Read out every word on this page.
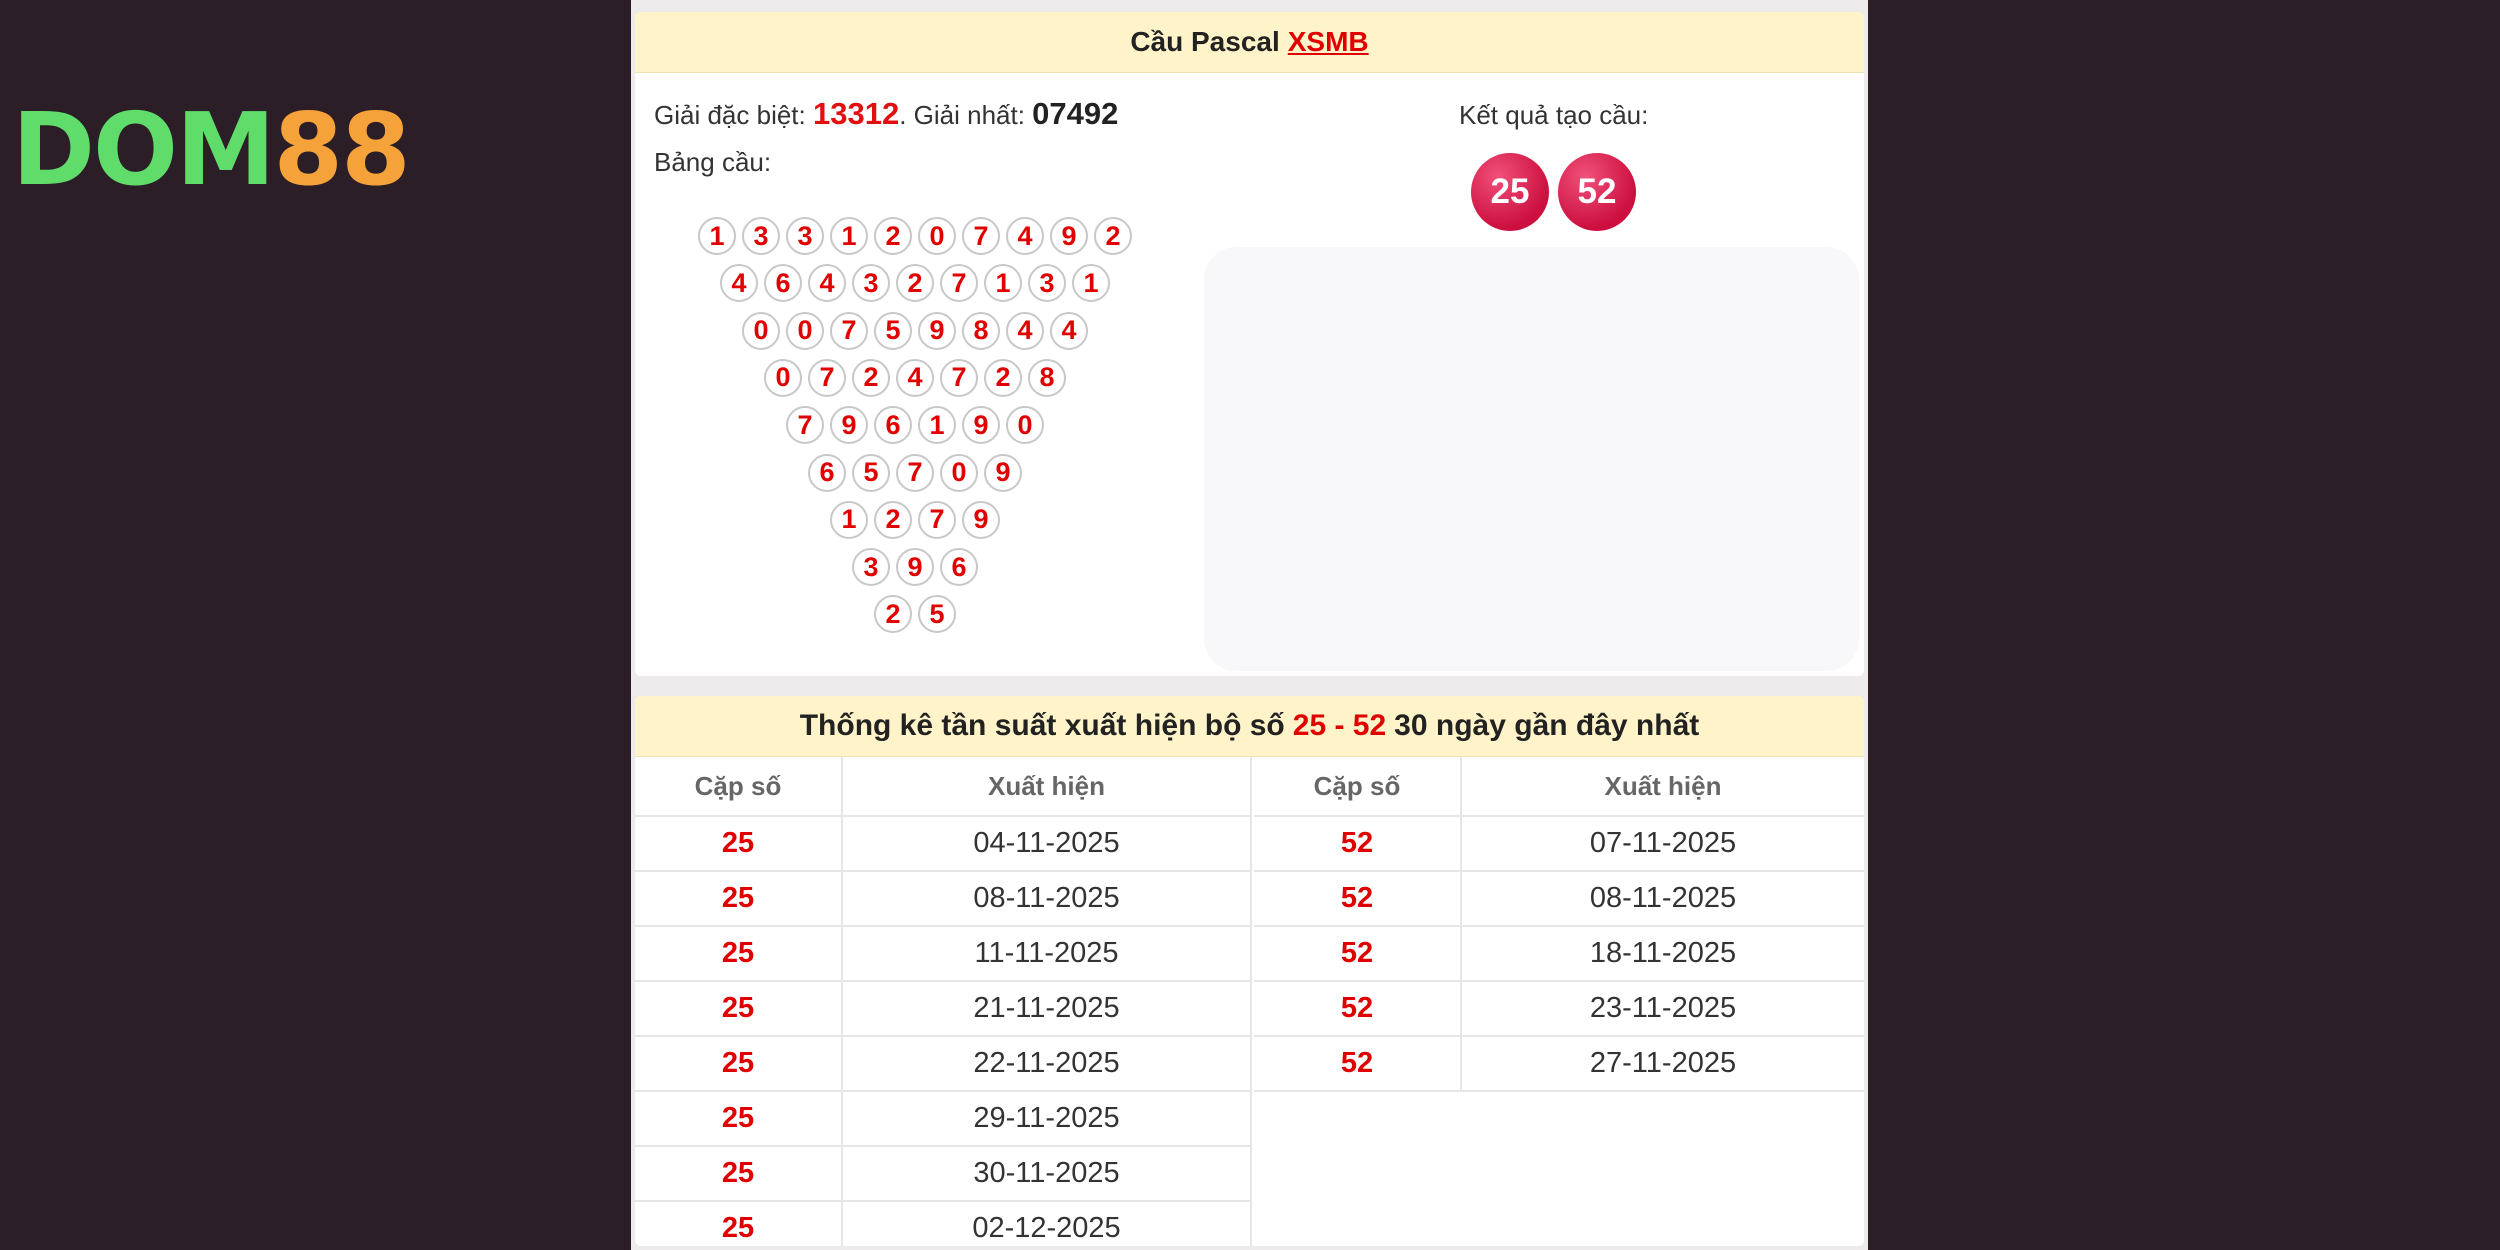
DOM88
Cầu Pascal XSMB
Giải đặc biệt: 13312. Giải nhất: 07492
Bảng cầu:
1	3	3	1	2	0	7	4	9	2
4	6	4	3	2	7	1	3	1
0	0	7	5	9	8	4	4
0	7	2	4	7	2	8
7	9	6	1	9	0
6	5	7	0	9
1	2	7	9
3	9	6
2	5
Kết quả tạo cầu:
25	52
Thống kê tần suất xuất hiện bộ số 25 - 52 30 ngày gần đây nhất
Cặp số	Xuất hiện
25	04-11-2025
25	08-11-2025
25	11-11-2025
25	21-11-2025
25	22-11-2025
25	29-11-2025
25	30-11-2025
25	02-12-2025
Cặp số	Xuất hiện
52	07-11-2025
52	08-11-2025
52	18-11-2025
52	23-11-2025
52	27-11-2025
